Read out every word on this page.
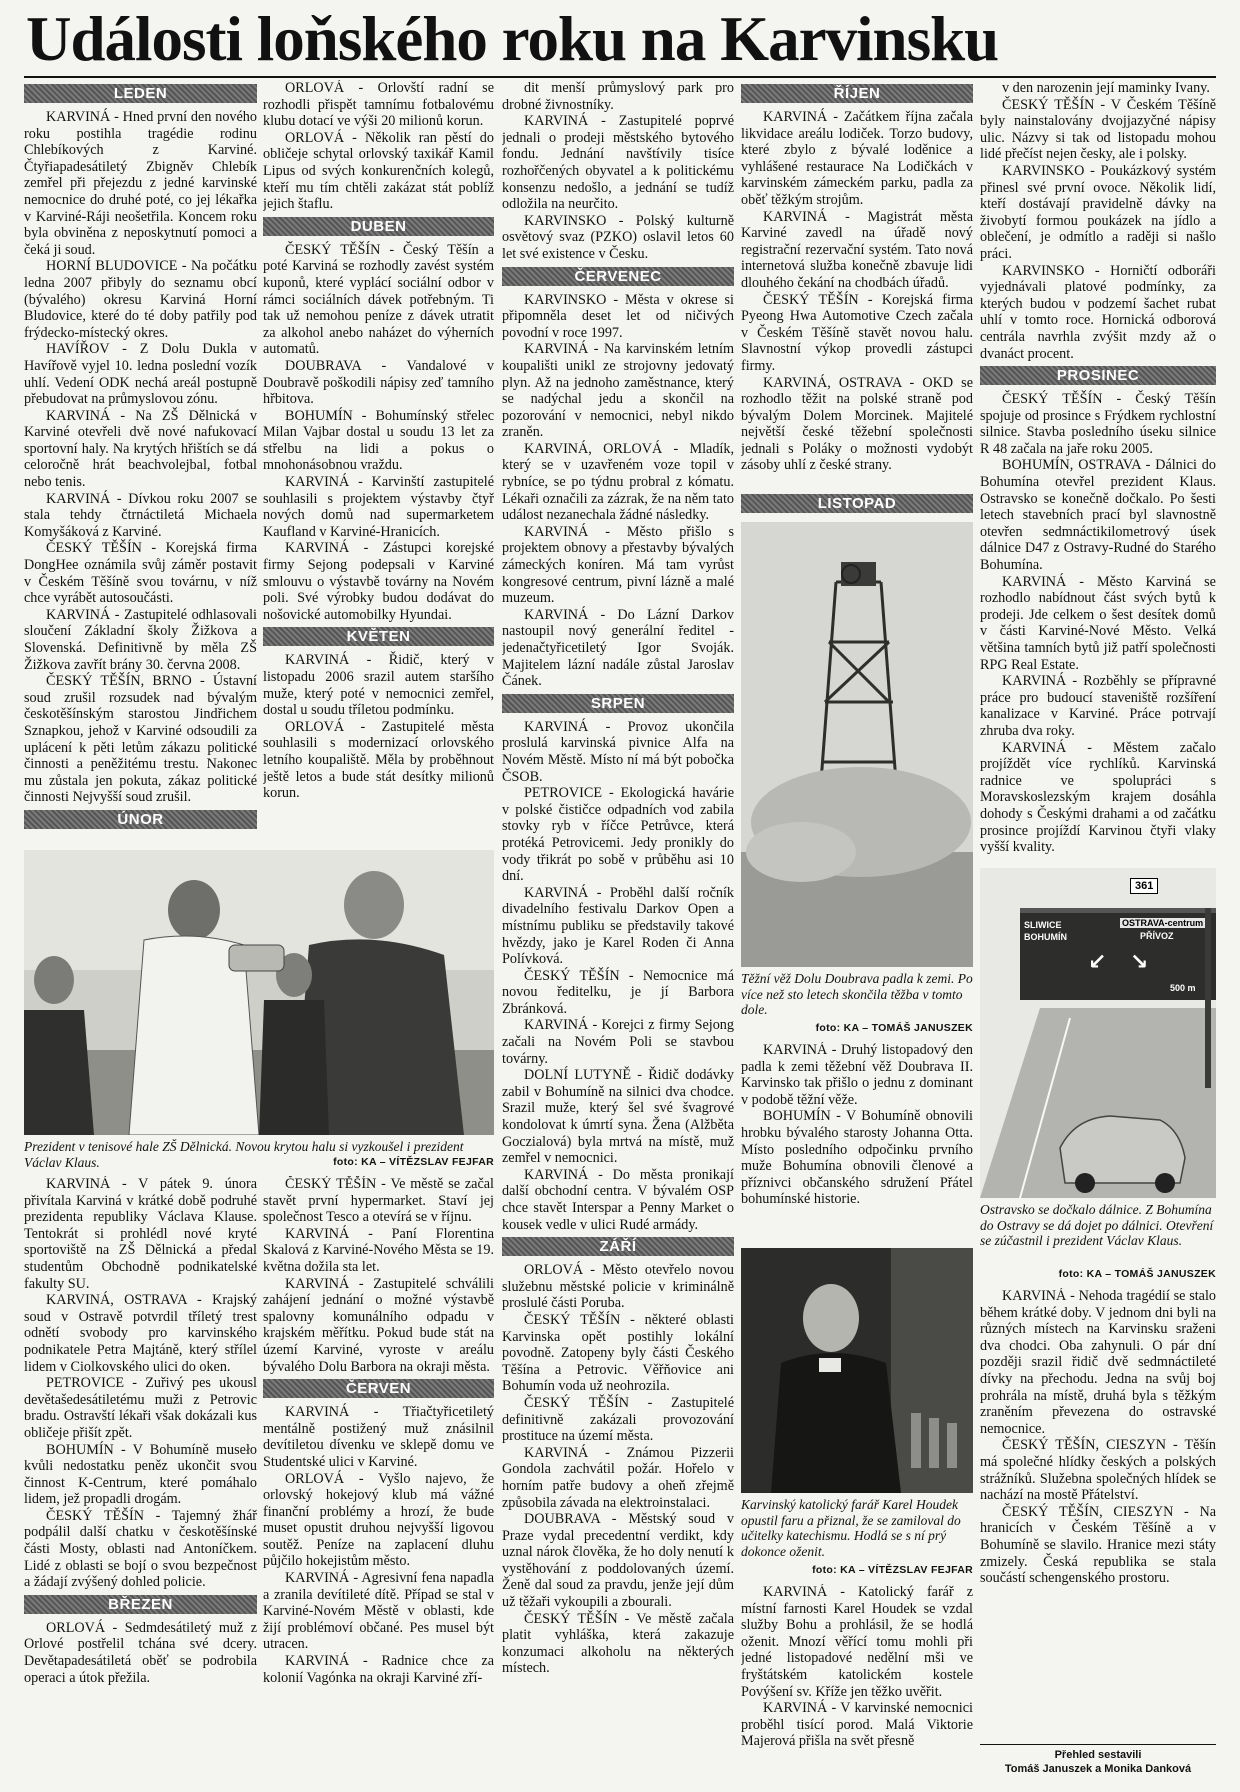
Události loňského roku na Karvinsku
LEDEN

KARVINÁ - Hned první den nového roku postihla tragédie rodinu Chlebíkových z Karviné. Čtyřiapadesátiletý Zbigněv Chlebík zemřel při přejezdu z jedné karvinské nemocnice do druhé poté, co jej lékařka v Karviné-Ráji neošetřila. Koncem roku byla obviněna z neposkytnutí pomoci a čeká ji soud.

HORNÍ BLUDOVICE - Na počátku ledna 2007 přibyly do seznamu obcí (bývalého) okresu Karviná Horní Bludovice, které do té doby patřily pod frýdecko-místecký okres.

HAVÍŘOV - Z Dolu Dukla v Havířově vyjel 10. ledna poslední vozík uhlí. Vedení ODK nechá areál postupně přebudovat na průmyslovou zónu.

KARVINÁ - Na ZŠ Dělnická v Karviné otevřeli dvě nové nafukovací sportovní haly. Na krytých hřištích se dá celoročně hrát beachvolejbal, fotbal nebo tenis.

KARVINÁ - Dívkou roku 2007 se stala tehdy čtrnáctiletá Michaela Komyšáková z Karviné.

ČESKÝ TĚŠÍN - Korejská firma DongHee oznámila svůj záměr postavit v Českém Těšíně svou továrnu, v níž chce vyrábět autosoučásti.

KARVINÁ - Zastupitelé odhlasovali sloučení Základní školy Žižkova a Slovenská. Definitivně by měla ZŠ Žižkova zavřít brány 30. června 2008.

ČESKÝ TĚŠÍN, BRNO - Ústavní soud zrušil rozsudek nad bývalým českotěšínským starostou Jindřichem Sznapkou, jehož v Karviné odsoudili za uplácení k pěti letům zákazu politické činnosti a peněžitému trestu. Nakonec mu zůstala jen pokuta, zákaz politické činnosti Nejvyšší soud zrušil.

ÚNOR
Prezident v tenisové hale ZŠ Dělnická. Novou krytou halu si vyzkoušel i prezident Václav Klaus.	foto: KA – VÍTĚZSLAV FEJFAR

KARVINÁ - V pátek 9. února přivítala Karviná v krátké době podruhé prezidenta republiky Václava Klause. Tentokrát si prohlédl nové kryté sportoviště na ZŠ Dělnická a předal studentům Obchodně podnikatelské fakulty SU.

KARVINÁ, OSTRAVA - Krajský soud v Ostravě potvrdil tříletý trest odnětí svobody pro karvinského podnikatele Petra Majtáně, který střílel lidem v Ciolkovského ulici do oken.

PETROVICE - Zuřivý pes ukousl devětašedesátiletému muži z Petrovic bradu. Ostravští lékaři však dokázali kus obličeje přišít zpět.

BOHUMÍN - V Bohumíně museło kvůli nedostatku peněz ukončit svou činnost K-Centrum, které pomáhalo lidem, jež propadli drogám.

ČESKÝ TĚŠÍN - Tajemný žhář podpálil další chatku v českotěšínské části Mosty, oblasti nad Antoníčkem. Lidé z oblasti se bojí o svou bezpečnost a žádají zvýšený dohled policie.

BŘEZEN

ORLOVÁ - Sedmdesátiletý muž z Orlové postřelil tchána své dcery. Devětapadesátiletá oběť se podrobila operaci a útok přežila.

ORLOVÁ - Orlovští radní se rozhodli přispět tamnímu fotbalovému klubu dotací ve výši 20 milionů korun.

ORLOVÁ - Několik ran pěstí do obličeje schytal orlovský taxikář Kamil Lipus od svých konkurenčních kolegů, kteří mu tím chtěli zakázat stát poblíž jejich štaflu.

DUBEN

ČESKÝ TĚŠÍN - Český Těšín a poté Karviná se rozhodly zavést systém kuponů, které vyplácí sociální odbor v rámci sociálních dávek potřebným. Ti tak už nemohou peníze z dávek utratit za alkohol anebo naházet do výherních automatů.

DOUBRAVA - Vandalové v Doubravě poškodili nápisy zeď tamního hřbitova.

BOHUMÍN - Bohumínský střelec Milan Vajbar dostal u soudu 13 let za střelbu na lidi a pokus o mnohonásobnou vraždu.

KARVINÁ - Karvinští zastupitelé souhlasili s projektem výstavby čtyř nových domů nad supermarketem Kaufland v Karviné-Hranicích.

KARVINÁ - Zástupci korejské firmy Sejong podepsali v Karviné smlouvu o výstavbě továrny na Novém poli. Své výrobky budou dodávat do nošovické automobilky Hyundai.

KVĚTEN

KARVINÁ - Řidič, který v listopadu 2006 srazil autem staršího muže, který poté v nemocnici zemřel, dostal u soudu tříletou podmínku.

ORLOVÁ - Zastupitelé města souhlasili s modernizací orlovského letního koupaliště. Měla by proběhnout ještě letos a bude stát desítky milionů korun.

ČESKÝ TĚŠÍN - Ve městě se začal stavět první hypermarket. Staví jej společnost Tesco a otevírá se v říjnu.

KARVINÁ - Paní Florentina Skalová z Karviné-Nového Města se 19. května dožila sta let.

KARVINÁ - Zastupitelé schválili zahájení jednání o možné výstavbě spalovny komunálního odpadu v krajském měřítku. Pokud bude stát na území Karviné, vyroste v areálu bývalého Dolu Barbora na okraji města.

ČERVEN

KARVINÁ - Třiačtyřicetiletý mentálně postižený muž znásilnil devítiletou dívenku ve sklepě domu ve Studentské ulici v Karviné.

ORLOVÁ - Vyšlo najevo, že orlovský hokejový klub má vážné finanční problémy a hrozí, že bude muset opustit druhou nejvyšší ligovou soutěž. Peníze na zaplacení dluhu půjčilo hokejistům město.

KARVINÁ - Agresivní fena napadla a zranila devítileté dítě. Případ se stal v Karviné-Novém Městě v oblasti, kde žijí problémoví občané. Pes musel být utracen.

KARVINÁ - Radnice chce za kolonií Vagónka na okraji Karviné zří-

dit menší průmyslový park pro drobné živnostníky.

KARVINÁ - Zastupitelé poprvé jednali o prodeji městského bytového fondu. Jednání navštívily tisíce rozhořčených obyvatel a k politickému konsenzu nedošlo, a jednání se tudíž odložila na neurčito.

KARVINSKO - Polský kulturně osvětový svaz (PZKO) oslavil letos 60 let své existence v Česku.

ČERVENEC

KARVINSKO - Města v okrese si připomněla deset let od ničivých povodní v roce 1997.

KARVINÁ - Na karvinském letním koupališti unikl ze strojovny jedovatý plyn. Až na jednoho zaměstnance, který se nadýchal jedu a skončil na pozorování v nemocnici, nebyl nikdo zraněn.

KARVINÁ, ORLOVÁ - Mladík, který se v uzavřeném voze topil v rybníce, se po týdnu probral z kómatu. Lékaři označili za zázrak, že na něm tato událost nezanechala žádné následky.

KARVINÁ - Město přišlo s projektem obnovy a přestavby bývalých zámeckých koníren. Má tam vyrůst kongresové centrum, pivní lázně a malé muzeum.

KARVINÁ - Do Lázní Darkov nastoupil nový generální ředitel - jedenačtyřicetiletý Igor Svoják. Majitelem lázní nadále zůstal Jaroslav Čánek.

SRPEN

KARVINÁ - Provoz ukončila proslulá karvinská pivnice Alfa na Novém Městě. Místo ní má být pobočka ČSOB.

PETROVICE - Ekologická havárie v polské čističce odpadních vod zabila stovky ryb v říčce Petrůvce, která protéká Petrovicemi. Jedy pronikly do vody třikrát po sobě v průběhu asi 10 dní.

KARVINÁ - Proběhl další ročník divadelního festivalu Darkov Open a místnímu publiku se představily takové hvězdy, jako je Karel Roden či Anna Polívková.

ČESKÝ TĚŠÍN - Nemocnice má novou ředitelku, je jí Barbora Zbránková.

KARVINÁ - Korejci z firmy Sejong začali na Novém Poli se stavbou továrny.

DOLNÍ LUTYNĚ - Řidič dodávky zabil v Bohumíně na silnici dva chodce. Srazil muže, který šel své švagrové kondolovat k úmrtí syna. Žena (Alžběta Goczialová) byla mrtvá na místě, muž zemřel v nemocnici.

KARVINÁ - Do města pronikají další obchodní centra. V bývalém OSP chce stavět Interspar a Penny Market o kousek vedle v ulici Rudé armády.

ZÁŘÍ

ORLOVÁ - Město otevřelo novou služebnu městské policie v kriminálně proslulé části Poruba.

ČESKÝ TĚŠÍN - některé oblasti Karvinska opět postihly lokální povodně. Zatopeny byly části Českého Těšína a Petrovic. Věřňovice ani Bohumín voda už neohrozila.

ČESKÝ TĚŠÍN - Zastupitelé definitivně zakázali provozování prostituce na území města.

KARVINÁ - Známou Pizzerii Gondola zachvátil požár. Hořelo v horním patře budovy a oheň zřejmě způsobila závada na elektroinstalaci.

DOUBRAVA - Městský soud v Praze vydal precedentní verdikt, kdy uznal nárok člověka, že ho doly nenutí k vystěhování z poddolovaných území. Ženě dal soud za pravdu, jenže její dům už těžaři vykoupili a zbourali.

ČESKÝ TĚŠÍN - Ve městě začala platit vyhláška, která zakazuje konzumaci alkoholu na některých místech.

ŘÍJEN

KARVINÁ - Začátkem října začala likvidace areálu lodiček. Torzo budovy, které zbylo z bývalé loděnice a vyhlášené restaurace Na Lodičkách v karvinském zámeckém parku, padla za oběť těžkým strojům.

KARVINÁ - Magistrát města Karviné zavedl na úřadě nový registrační rezervační systém. Tato nová internetová služba konečně zbavuje lidi dlouhého čekání na chodbách úřadů.

ČESKÝ TĚŠÍN - Korejská firma Pyeong Hwa Automotive Czech začala v Českém Těšíně stavět novou halu. Slavnostní výkop provedli zástupci firmy.

KARVINÁ, OSTRAVA - OKD se rozhodlo těžit na polské straně pod bývalým Dolem Morcinek. Majitelé největší české těžební společnosti jednali s Poláky o možnosti vydobýt zásoby uhlí z české strany.

LISTOPAD
Těžní věž Dolu Doubrava padla k zemi. Po více než sto letech skončila těžba v tomto dole.
foto: KA – TOMÁŠ JANUSZEK

KARVINÁ - Druhý listopadový den padla k zemi těžební věž Doubrava II. Karvinsko tak přišlo o jednu z dominant v podobě těžní věže.

BOHUMÍN - V Bohumíně obnovili hrobku bývalého starosty Johanna Otta. Místo posledního odpočinku prvního muže Bohumína obnovili členové a příznivci občanského sdružení Přátel bohumínské historie.

Karvinský katolický farář Karel Houdek opustil faru a přiznal, že se zamiloval do učitelky katechismu. Hodlá se s ní prý dokonce oženit.
foto: KA – VÍTĚZSLAV FEJFAR

KARVINÁ - Katolický farář z místní farnosti Karel Houdek se vzdal služby Bohu a prohlásil, že se hodlá oženit. Mnozí věřící tomu mohli při jedné listopadové nedělní mši ve fryštátském katolickém kostele Povýšení sv. Kříže jen těžko uvěřit.

KARVINÁ - V karvinské nemocnici proběhl tisící porod. Malá Viktorie Majerová přišla na svět přesně

v den narozenin její maminky Ivany.

ČESKÝ TĚŠÍN - V Českém Těšíně byly nainstalovány dvojjazyčné nápisy ulic. Názvy si tak od listopadu mohou lidé přečíst nejen česky, ale i polsky.

KARVINSKO - Poukázkový systém přinesl své první ovoce. Několik lidí, kteří dostávají pravidelně dávky na živobytí formou poukázek na jídlo a oblečení, je odmítlo a raději si našlo práci.

KARVINSKO - Horničtí odboráři vyjednávali platové podmínky, za kterých budou v podzemí šachet rubat uhlí v tomto roce. Hornická odborová centrála navrhla zvýšit mzdy až o dvanáct procent.

PROSINEC

ČESKÝ TĚŠÍN - Český Těšín spojuje od prosince s Frýdkem rychlostní silnice. Stavba posledního úseku silnice R 48 začala na jaře roku 2005.

BOHUMÍN, OSTRAVA - Dálnici do Bohumína otevřel prezident Klaus. Ostravsko se konečně dočkalo. Po šesti letech stavebních prací byl slavnostně otevřen sedmnáctikilometrový úsek dálnice D47 z Ostravy-Rudné do Starého Bohumína.

KARVINÁ - Město Karviná se rozhodlo nabídnout část svých bytů k prodeji. Jde celkem o šest desítek domů v části Karviné-Nové Město. Velká většina tamních bytů již patří společnosti RPG Real Estate.

KARVINÁ - Rozběhly se přípravné práce pro budoucí staveniště rozšíření kanalizace v Karviné. Práce potrvají zhruba dva roky.

KARVINÁ - Městem začalo projíždět více rychlíků. Karvinská radnice ve spolupráci s Moravskoslezským krajem dosáhla dohody s Českými drahami a od začátku prosince projíždí Karvinou čtyři vlaky vyšší kvality.

361
SLIWICE
BOHUMÍN
OSTRAVA-centrum
PŘÍVOZ
500 m
↙ ↘
Ostravsko se dočkalo dálnice. Z Bohumína do Ostravy se dá dojet po dálnici. Otevření se zúčastnil i prezident Václav Klaus.
foto: KA – TOMÁŠ JANUSZEK

KARVINÁ - Nehoda tragédií se stalo během krátké doby. V jednom dni byli na různých místech na Karvinsku sraženi dva chodci. Oba zahynuli. O pár dní později srazil řidič dvě sedmnáctileté dívky na přechodu. Jedna na svůj boj prohrála na místě, druhá byla s těžkým zraněním převezena do ostravské nemocnice.

ČESKÝ TĚŠÍN, CIESZYN - Těšín má společné hlídky českých a polských strážníků. Služebna společných hlídek se nachází na mostě Přátelství.

ČESKÝ TĚŠÍN, CIESZYN - Na hranicích v Českém Těšíně a v Bohumíně se slavilo. Hranice mezi státy zmizely. Česká republika se stala součástí schengenského prostoru.

Přehled sestavili
Tomáš Januszek a Monika Danková
